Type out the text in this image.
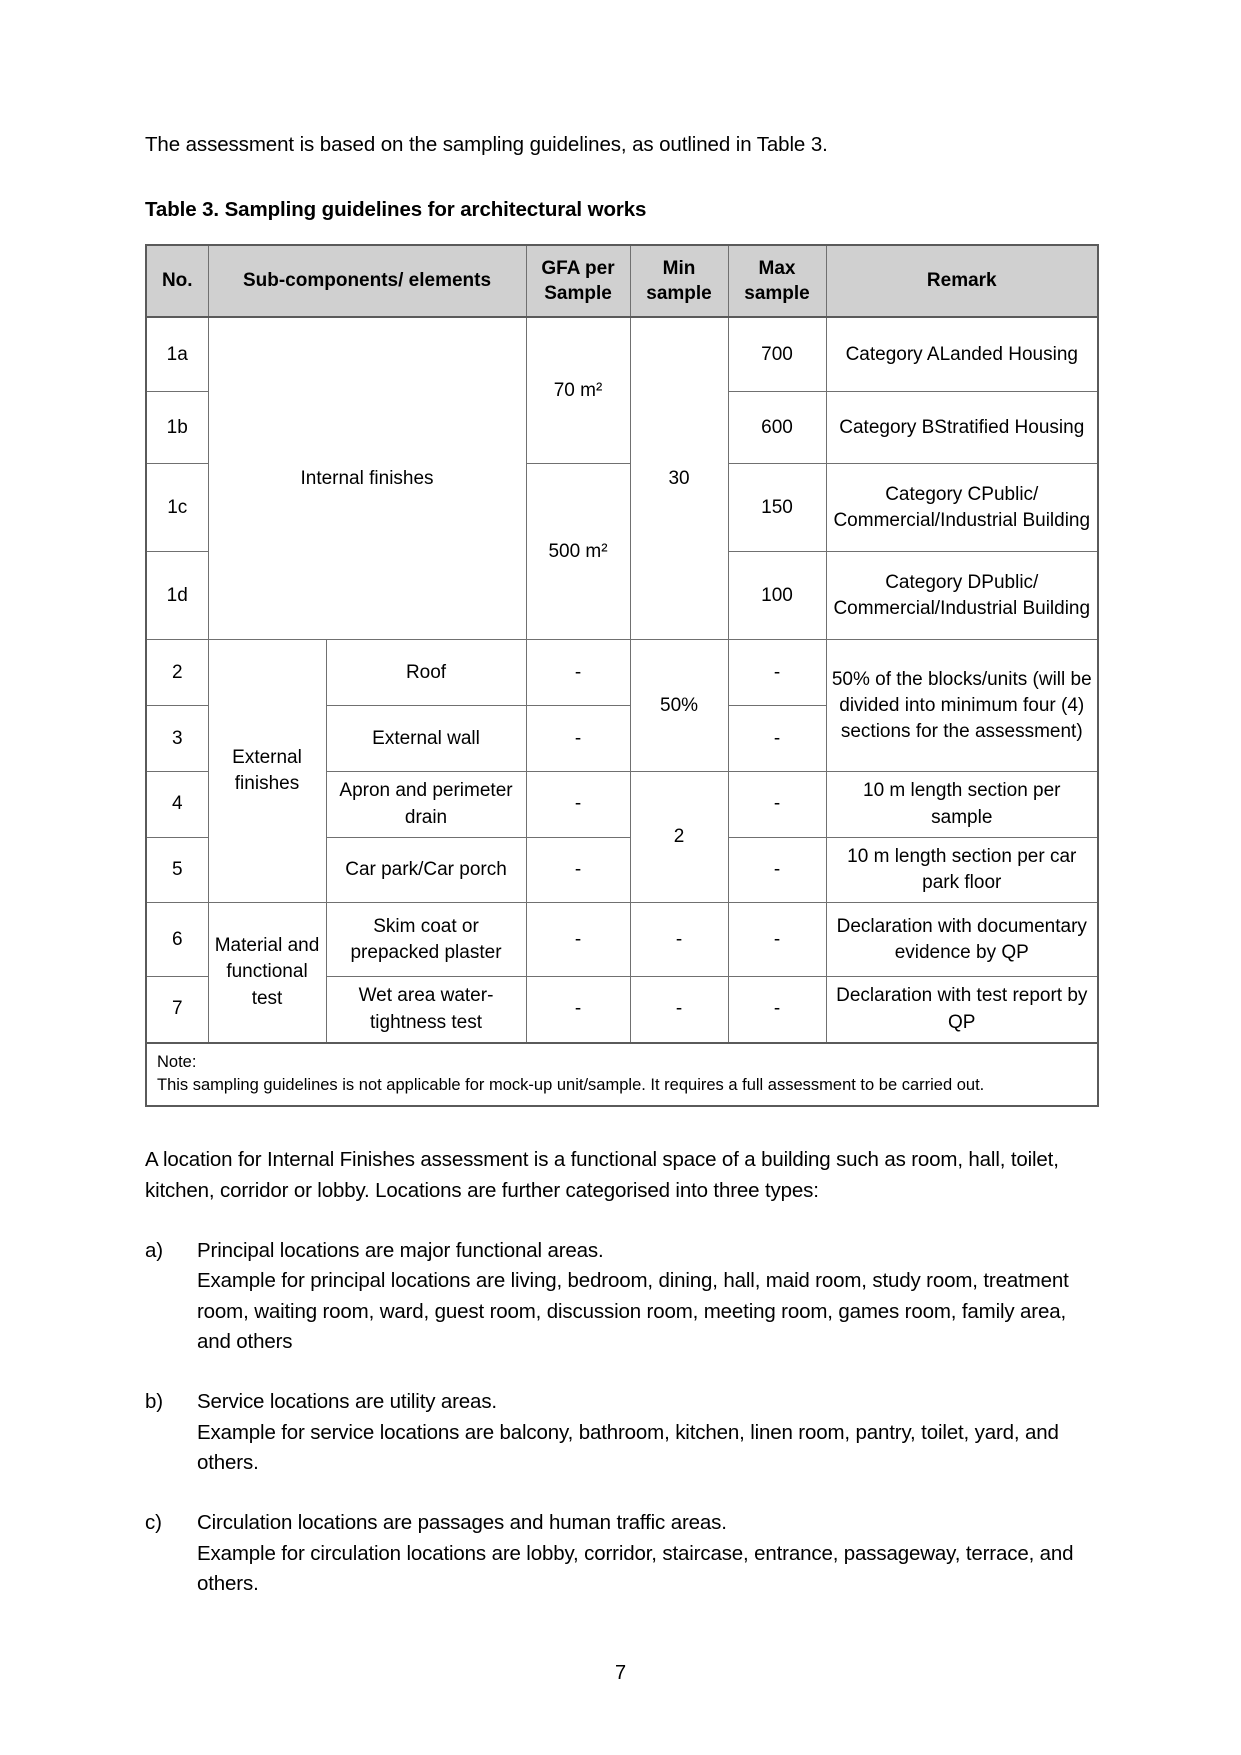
The assessment is based on the sampling guidelines, as outlined in Table 3.

Table 3. Sampling guidelines for architectural works

No.	Sub-components/ elements		GFA per Sample	Min sample	Max sample	Remark
1a	Internal finishes		70 m²	30	700	Category ALanded Housing
1b					600	Category BStratified Housing
1c			500 m²		150	Category CPublic/ Commercial/Industrial Building
1d					100	Category DPublic/ Commercial/Industrial Building
2	External finishes	Roof	-	50%	-	50% of the blocks/units (will be divided into minimum four (4) sections for the assessment)
3		External wall	-		-	
4		Apron and perimeter drain	-	2	-	10 m length section per sample
5		Car park/Car porch	-		-	10 m length section per car park floor
6	Material and functional test	Skim coat or prepacked plaster	-	-	-	Declaration with documentary evidence by QP
7		Wet area water-tightness test	-	-	-	Declaration with test report by QP

Note:
This sampling guidelines is not applicable for mock-up unit/sample. It requires a full assessment to be carried out.						

A location for Internal Finishes assessment is a functional space of a building such as room, hall, toilet, kitchen, corridor or lobby. Locations are further categorised into three types:

a) Principal locations are major functional areas.
Example for principal locations are living, bedroom, dining, hall, maid room, study room, treatment room, waiting room, ward, guest room, discussion room, meeting room, games room, family area, and others
b) Service locations are utility areas.
Example for service locations are balcony, bathroom, kitchen, linen room, pantry, toilet, yard, and others.
c) Circulation locations are passages and human traffic areas.
Example for circulation locations are lobby, corridor, staircase, entrance, passageway, terrace, and others.
7
